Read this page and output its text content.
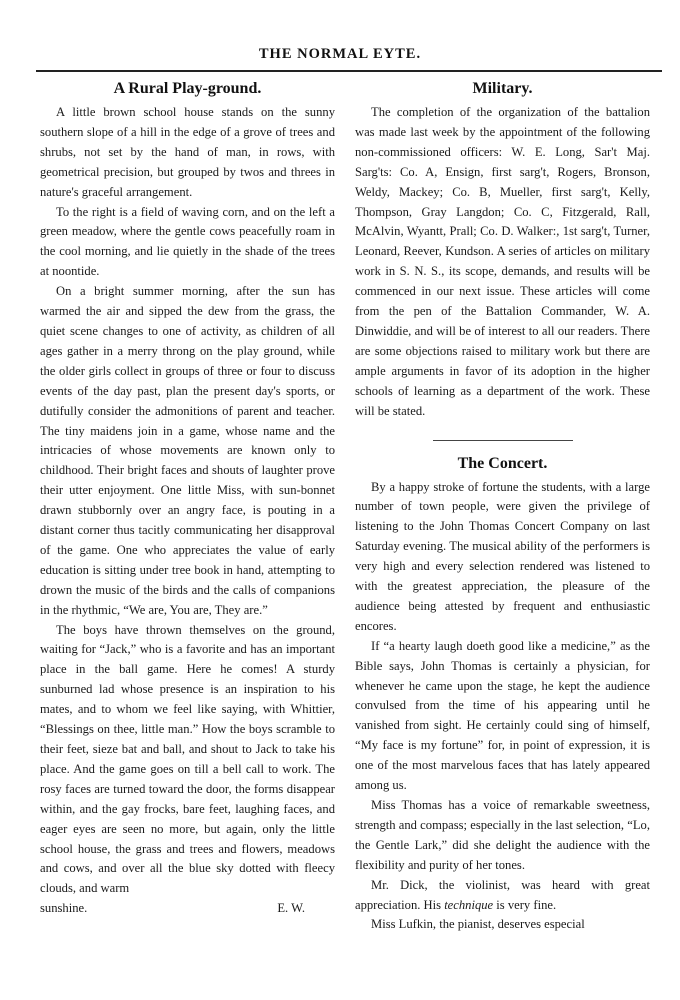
THE NORMAL EYTE.
A Rural Play-ground.

A little brown school house stands on the sunny southern slope of a hill in the edge of a grove of trees and shrubs, not set by the hand of man, in rows, with geometrical precision, but grouped by twos and threes in nature's graceful arrangement.

To the right is a field of waving corn, and on the left a green meadow, where the gentle cows peacefully roam in the cool morning, and lie quietly in the shade of the trees at noontide.

On a bright summer morning, after the sun has warmed the air and sipped the dew from the grass, the quiet scene changes to one of activity, as children of all ages gather in a merry throng on the play ground, while the older girls collect in groups of three or four to discuss events of the day past, plan the present day's sports, or dutifully consider the admonitions of parent and teacher. The tiny maidens join in a game, whose name and the intricacies of whose movements are known only to childhood. Their bright faces and shouts of laughter prove their utter enjoyment. One little Miss, with sun-bonnet drawn stubbornly over an angry face, is pouting in a distant corner thus tacitly communicating her disapproval of the game. One who appreciates the value of early education is sitting under tree book in hand, attempting to drown the music of the birds and the calls of companions in the rhythmic, “We are, You are, They are.”

The boys have thrown themselves on the ground, waiting for “Jack,” who is a favorite and has an important place in the ball game. Here he comes! A sturdy sunburned lad whose presence is an inspiration to his mates, and to whom we feel like saying, with Whittier, “Blessings on thee, little man.” How the boys scramble to their feet, sieze bat and ball, and shout to Jack to take his place. And the game goes on till a bell call to work. The rosy faces are turned toward the door, the forms disappear within, and the gay frocks, bare feet, laughing faces, and eager eyes are seen no more, but again, only the little school house, the grass and trees and flowers, meadows and cows, and over all the blue sky dotted with fleecy clouds, and warm

sunshine.	E. W.
Military.

The completion of the organization of the battalion was made last week by the appointment of the following non-commissioned officers: W. E. Long, Sar't Maj. Sarg'ts: Co. A, Ensign, first sarg't, Rogers, Bronson, Weldy, Mackey; Co. B, Mueller, first sarg't, Kelly, Thompson, Gray Langdon; Co. C, Fitzgerald, Rall, McAlvin, Wyantt, Prall; Co. D. Walker:, 1st sarg't, Turner, Leonard, Reever, Kundson. A series of articles on military work in S. N. S., its scope, demands, and results will be commenced in our next issue. These articles will come from the pen of the Battalion Commander, W. A. Dinwiddie, and will be of interest to all our readers. There are some objections raised to military work but there are ample arguments in favor of its adoption in the higher schools of learning as a department of the work. These will be stated.

The Concert.

By a happy stroke of fortune the students, with a large number of town people, were given the privilege of listening to the John Thomas Concert Company on last Saturday evening. The musical ability of the performers is very high and every selection rendered was listened to with the greatest appreciation, the pleasure of the audience being attested by frequent and enthusiastic encores.

If “a hearty laugh doeth good like a medicine,” as the Bible says, John Thomas is certainly a physician, for whenever he came upon the stage, he kept the audience convulsed from the time of his appearing until he vanished from sight. He certainly could sing of himself, “My face is my fortune” for, in point of expression, it is one of the most marvelous faces that has lately appeared among us.

Miss Thomas has a voice of remarkable sweetness, strength and compass; especially in the last selection, “Lo, the Gentle Lark,” did she delight the audience with the flexibility and purity of her tones.

Mr. Dick, the violinist, was heard with great appreciation. His technique is very fine.

Miss Lufkin, the pianist, deserves especial
